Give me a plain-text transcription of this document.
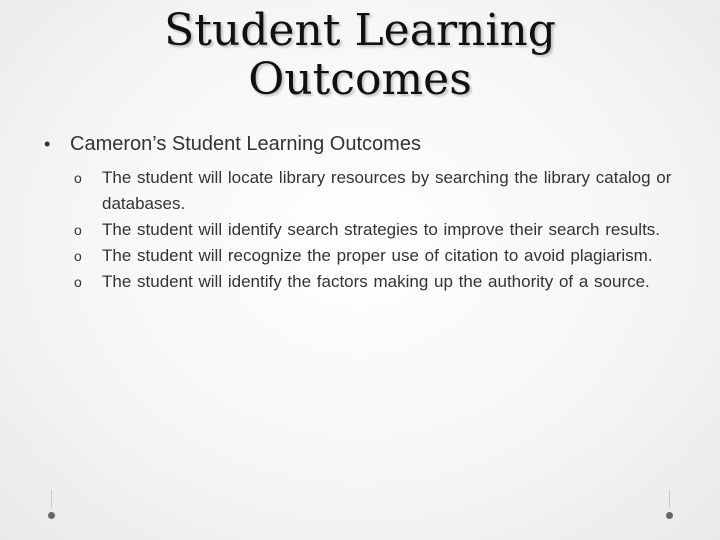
Student Learning Outcomes
• Cameron’s Student Learning Outcomes
o	The student will locate library resources by searching the library catalog or databases.
o	The student will identify search strategies to improve their search results.
o	The student will recognize the proper use of citation to avoid plagiarism.
o	The student will identify the factors making up the authority of a source.
